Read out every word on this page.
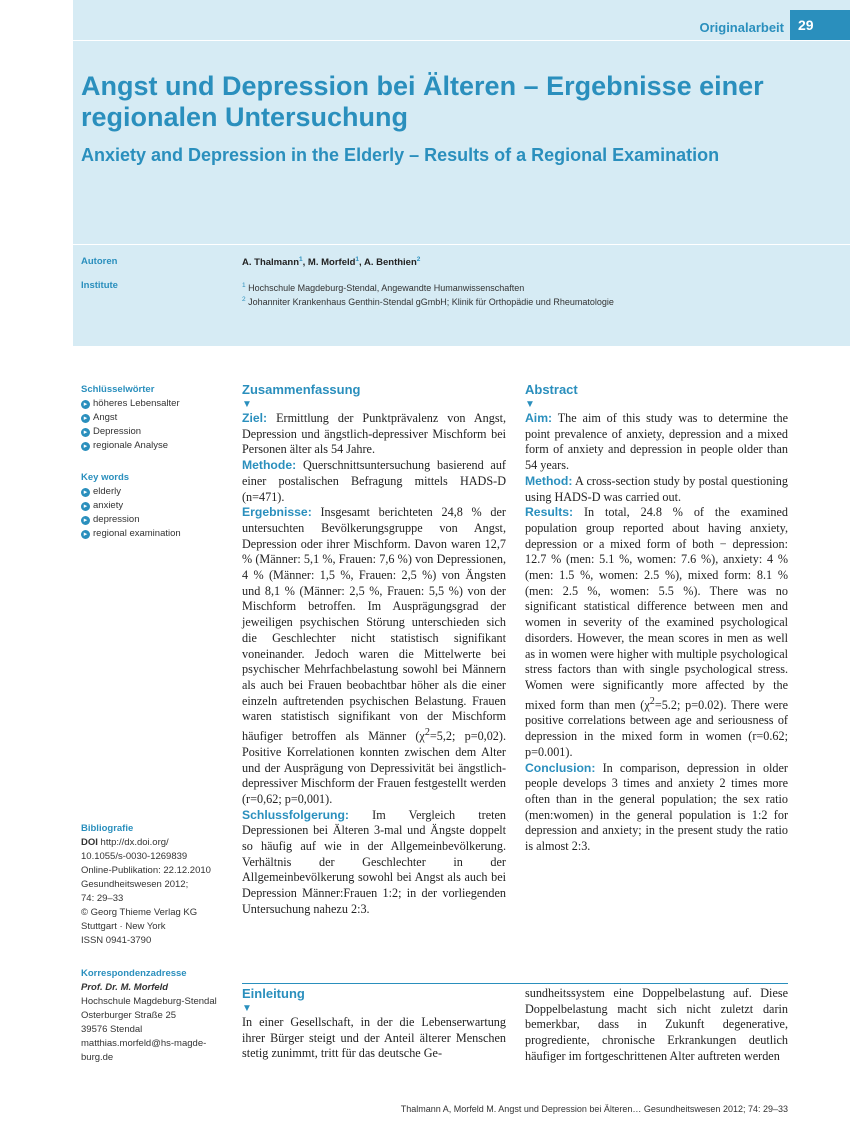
Originalarbeit	29
Angst und Depression bei Älteren – Ergebnisse einer regionalen Untersuchung
Anxiety and Depression in the Elderly – Results of a Regional Examination
Autoren
Institute
A. Thalmann$^1$, M. Morfeld$^1$, A. Benthien$^2$
$^1$ Hochschule Magdeburg-Stendal, Angewandte Humanwissenschaften
$^2$ Johanniter Krankenhaus Genthin-Stendal gGmbH; Klinik für Orthopädie und Rheumatologie
Schlüsselwörter
▸ höheres Lebensalter
▸ Angst
▸ Depression
▸ regionale Analyse
Key words
▸ elderly
▸ anxiety
▸ depression
▸ regional examination
Bibliografie
DOI http://dx.doi.org/
10.1055/s-0030-1269839
Online-Publikation: 22.12.2010
Gesundheitswesen 2012;
74: 29–33
© Georg Thieme Verlag KG
Stuttgart · New York
ISSN 0941-3790
Korrespondenzadresse
Prof. Dr. M. Morfeld
Hochschule Magdeburg-Stendal
Osterburger Straße 25
39576 Stendal
matthias.morfeld@hs-magde-
burg.de
Zusammenfassung
▼

Ziel: Ermittlung der Punktprävalenz von Angst, Depression und ängstlich-depressiver Mischform bei Personen älter als 54 Jahre.

Methode: Querschnittsuntersuchung basierend auf einer postalischen Befragung mittels HADS-D (n=471).

Ergebnisse: Insgesamt berichteten 24,8 % der untersuchten Bevölkerungsgruppe von Angst, Depression oder ihrer Mischform. Davon waren 12,7 % (Männer: 5,1 %, Frauen: 7,6 %) von Depressionen, 4 % (Männer: 1,5 %, Frauen: 2,5 %) von Ängsten und 8,1 % (Männer: 2,5 %, Frauen: 5,5 %) von der Mischform betroffen. Im Ausprägungsgrad der jeweiligen psychischen Störung unterschieden sich die Geschlechter nicht statistisch signifikant voneinander. Jedoch waren die Mittelwerte bei psychischer Mehrfachbelastung sowohl bei Männern als auch bei Frauen beobachtbar höher als die einer einzeln auftretenden psychischen Belastung. Frauen waren statistisch signifikant von der Mischform häufiger betroffen als Männer ($\chi^2=5,2$; p=0,02). Positive Korrelationen konnten zwischen dem Alter und der Ausprägung von Depressivität bei ängstlich-depressiver Mischform der Frauen festgestellt werden (r=0,62; p=0,001).

Schlussfolgerung: Im Vergleich treten Depressionen bei Älteren 3-mal und Ängste doppelt so häufig auf wie in der Allgemeinbevölkerung. Verhältnis der Geschlechter in der Allgemeinbevölkerung sowohl bei Angst als auch bei Depression Männer:Frauen 1:2; in der vorliegenden Untersuchung nahezu 2:3.

Abstract
▼

Aim: The aim of this study was to determine the point prevalence of anxiety, depression and a mixed form of anxiety and depression in people older than 54 years.

Method: A cross-section study by postal questioning using HADS-D was carried out.

Results: In total, 24.8 % of the examined population group reported about having anxiety, depression or a mixed form of both − depression: 12.7 % (men: 5.1 %, women: 7.6 %), anxiety: 4 % (men: 1.5 %, women: 2.5 %), mixed form: 8.1 % (men: 2.5 %, women: 5.5 %). There was no significant statistical difference between men and women in severity of the examined psychological disorders. However, the mean scores in men as well as in women were higher with multiple psychological stress factors than with single psychological stress. Women were significantly more affected by the mixed form than men ($\chi^2=5.2$; p=0.02). There were positive correlations between age and seriousness of depression in the mixed form in women (r=0.62; p=0.001).

Conclusion: In comparison, depression in older people develops 3 times and anxiety 2 times more often than in the general population; the sex ratio (men:women) in the general population is 1:2 for depression and anxiety; in the present study the ratio is almost 2:3.

Einleitung
▼

In einer Gesellschaft, in der die Lebenserwartung ihrer Bürger steigt und der Anteil älterer Menschen stetig zunimmt, tritt für das deutsche Ge-

sundheitssystem eine Doppelbelastung auf. Diese Doppelbelastung macht sich nicht zuletzt darin bemerkbar, dass in Zukunft degenerative, progrediente, chronische Erkrankungen deutlich häufiger im fortgeschrittenen Alter auftreten werden

Thalmann A, Morfeld M. Angst und Depression bei Älteren… Gesundheitswesen 2012; 74: 29–33
